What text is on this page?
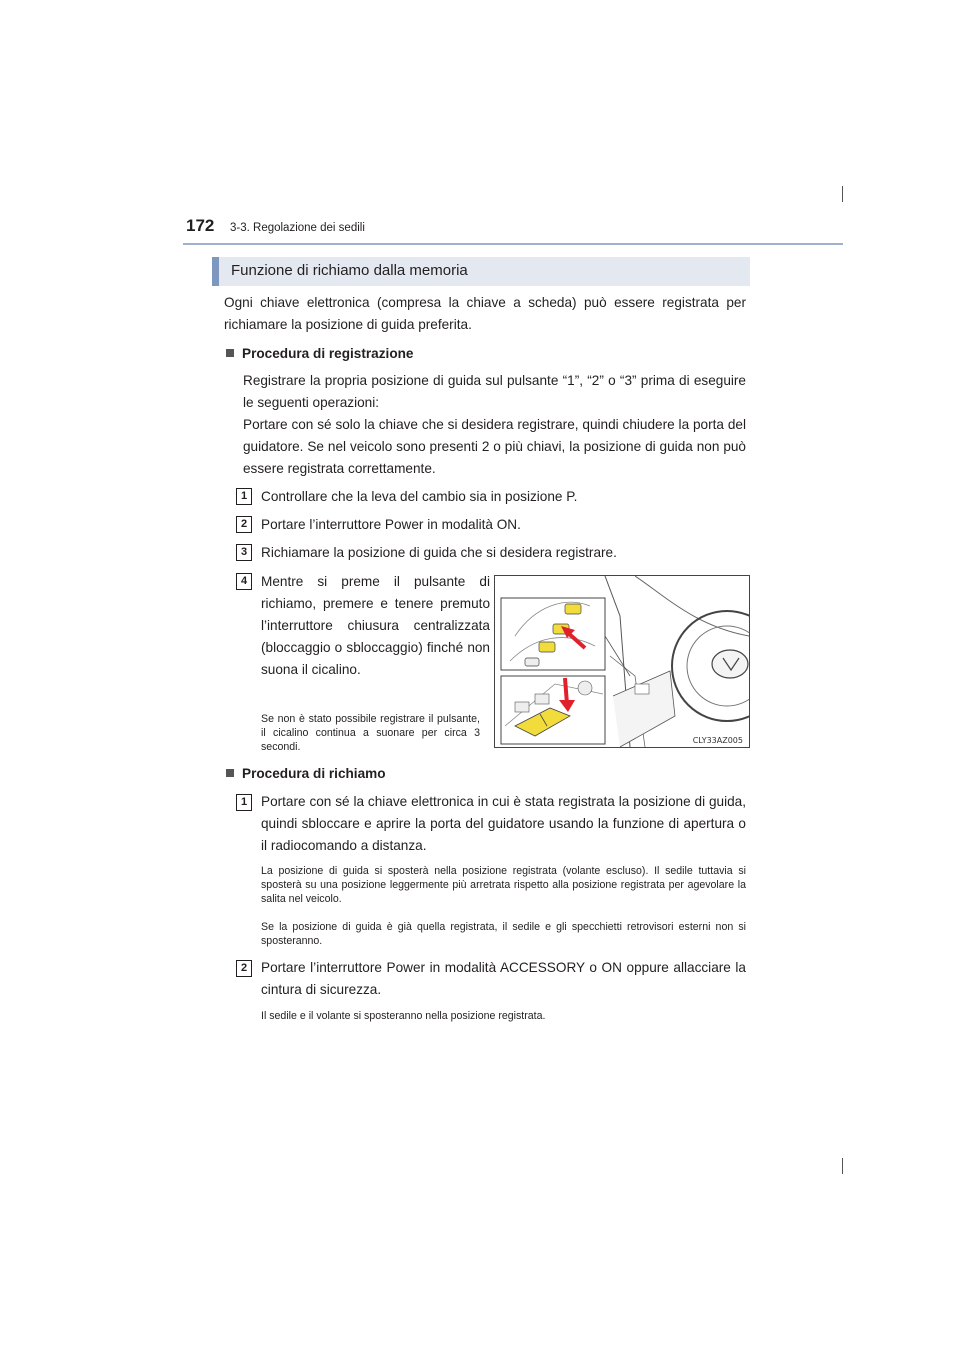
172 3-3. Regolazione dei sedili
Funzione di richiamo dalla memoria
Ogni chiave elettronica (compresa la chiave a scheda) può essere registrata per richiamare la posizione di guida preferita.
Procedura di registrazione
Registrare la propria posizione di guida sul pulsante “1”, “2” o “3” prima di eseguire le seguenti operazioni:
Portare con sé solo la chiave che si desidera registrare, quindi chiudere la porta del guidatore. Se nel veicolo sono presenti 2 o più chiavi, la posizione di guida non può essere registrata correttamente.
1	Controllare che la leva del cambio sia in posizione P.
2	Portare l’interruttore Power in modalità ON.
3	Richiamare la posizione di guida che si desidera registrare.
4	Mentre si preme il pulsante di richiamo, premere e tenere premuto l’interruttore chiusura centralizzata (bloccaggio o sbloccaggio) finché non suona il cicalino.
Se non è stato possibile registrare il pulsante, il cicalino continua a suonare per circa 3 secondi.
CLY33AZ005
Procedura di richiamo
1	Portare con sé la chiave elettronica in cui è stata registrata la posizione di guida, quindi sbloccare e aprire la porta del guidatore usando la funzione di apertura o il radiocomando a distanza.
La posizione di guida si sposterà nella posizione registrata (volante escluso). Il sedile tuttavia si sposterà su una posizione leggermente più arretrata rispetto alla posizione registrata per agevolare la salita nel veicolo.
Se la posizione di guida è già quella registrata, il sedile e gli specchietti retrovisori esterni non si sposteranno.
2	Portare l’interruttore Power in modalità ACCESSORY o ON oppure allacciare la cintura di sicurezza.
Il sedile e il volante si sposteranno nella posizione registrata.
